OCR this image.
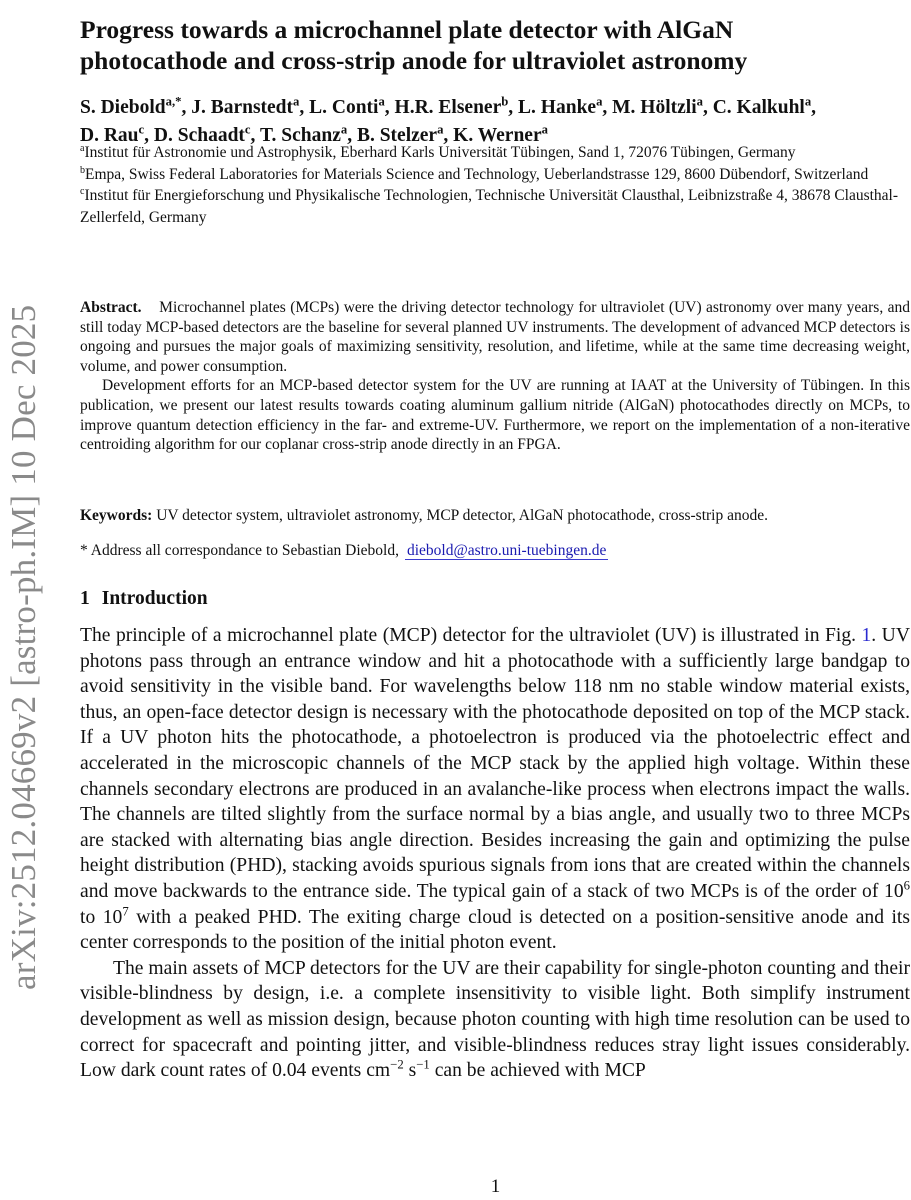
arXiv:2512.04669v2 [astro-ph.IM] 10 Dec 2025
Progress towards a microchannel plate detector with AlGaN photocathode and cross-strip anode for ultraviolet astronomy
S. Diebold$^{a,*}$, J. Barnstedt$^a$, L. Conti$^a$, H.R. Elsener$^b$, L. Hanke$^a$, M. Höltzli$^a$, C. Kalkuhl$^a$,
D. Rau$^c$, D. Schaadt$^c$, T. Schanz$^a$, B. Stelzer$^a$, K. Werner$^a$
$^a$Institut für Astronomie und Astrophysik, Eberhard Karls Universität Tübingen, Sand 1, 72076 Tübingen, Germany
$^b$Empa, Swiss Federal Laboratories for Materials Science and Technology, Ueberlandstrasse 129, 8600 Dübendorf, Switzerland
$^c$Institut für Energieforschung und Physikalische Technologien, Technische Universität Clausthal, Leibnizstraße 4, 38678 Clausthal-Zellerfeld, Germany

Abstract. Microchannel plates (MCPs) were the driving detector technology for ultraviolet (UV) astronomy over many years, and still today MCP-based detectors are the baseline for several planned UV instruments. The development of advanced MCP detectors is ongoing and pursues the major goals of maximizing sensitivity, resolution, and lifetime, while at the same time decreasing weight, volume, and power consumption.

Development efforts for an MCP-based detector system for the UV are running at IAAT at the University of Tübingen. In this publication, we present our latest results towards coating aluminum gallium nitride (AlGaN) photocathodes directly on MCPs, to improve quantum detection efficiency in the far- and extreme-UV. Furthermore, we report on the implementation of a non-iterative centroiding algorithm for our coplanar cross-strip anode directly in an FPGA.

Keywords: UV detector system, ultraviolet astronomy, MCP detector, AlGaN photocathode, cross-strip anode.
* Address all correspondance to Sebastian Diebold, diebold@astro.uni-tuebingen.de
1 Introduction

The principle of a microchannel plate (MCP) detector for the ultraviolet (UV) is illustrated in Fig. 1. UV photons pass through an entrance window and hit a photocathode with a sufficiently large bandgap to avoid sensitivity in the visible band. For wavelengths below 118 nm no stable window material exists, thus, an open-face detector design is necessary with the photocathode deposited on top of the MCP stack. If a UV photon hits the photocathode, a photoelectron is produced via the photoelectric effect and accelerated in the microscopic channels of the MCP stack by the applied high voltage. Within these channels secondary electrons are produced in an avalanche-like process when electrons impact the walls. The channels are tilted slightly from the surface normal by a bias angle, and usually two to three MCPs are stacked with alternating bias angle direction. Besides increasing the gain and optimizing the pulse height distribution (PHD), stacking avoids spurious signals from ions that are created within the channels and move backwards to the entrance side. The typical gain of a stack of two MCPs is of the order of $10^6$ to $10^7$ with a peaked PHD. The exiting charge cloud is detected on a position-sensitive anode and its center corresponds to the position of the initial photon event.

The main assets of MCP detectors for the UV are their capability for single-photon counting and their visible-blindness by design, i.e. a complete insensitivity to visible light. Both simplify instrument development as well as mission design, because photon counting with high time resolution can be used to correct for spacecraft and pointing jitter, and visible-blindness reduces stray light issues considerably. Low dark count rates of 0.04 events $cm^{-2}$ $s^{-1}$ can be achieved with MCP

1
